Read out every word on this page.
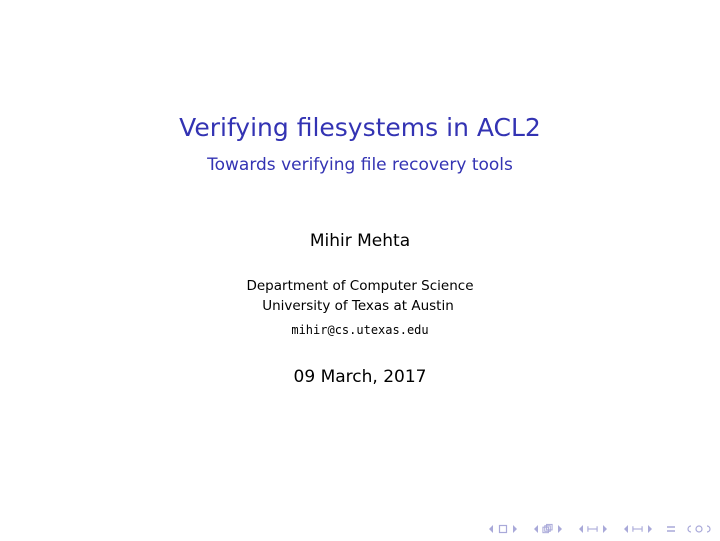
Verifying filesystems in ACL2
Towards verifying file recovery tools
Mihir Mehta
Department of Computer Science
University of Texas at Austin
mihir@cs.utexas.edu
09 March, 2017
